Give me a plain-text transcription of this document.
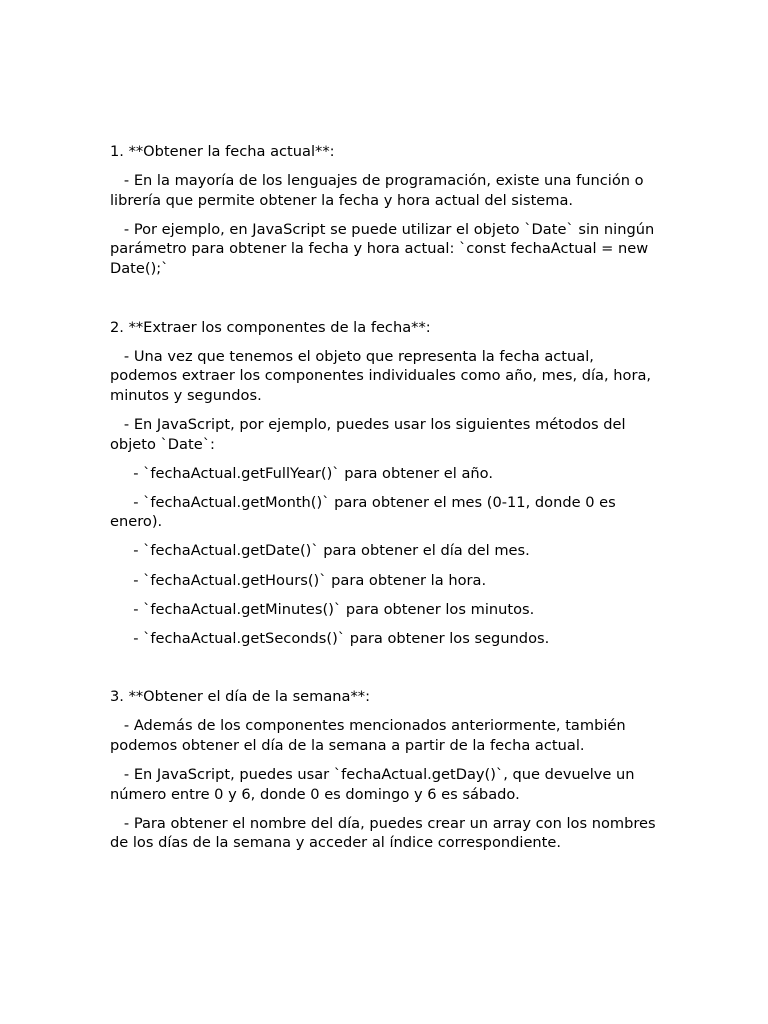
1. **Obtener la fecha actual**:
- En la mayoría de los lenguajes de programación, existe una función o librería que permite obtener la fecha y hora actual del sistema.
- Por ejemplo, en JavaScript se puede utilizar el objeto `Date` sin ningún parámetro para obtener la fecha y hora actual: `const fechaActual = new Date();`
2. **Extraer los componentes de la fecha**:
- Una vez que tenemos el objeto que representa la fecha actual, podemos extraer los componentes individuales como año, mes, día, hora, minutos y segundos.
- En JavaScript, por ejemplo, puedes usar los siguientes métodos del objeto `Date`:
- `fechaActual.getFullYear()` para obtener el año.
- `fechaActual.getMonth()` para obtener el mes (0-11, donde 0 es enero).
- `fechaActual.getDate()` para obtener el día del mes.
- `fechaActual.getHours()` para obtener la hora.
- `fechaActual.getMinutes()` para obtener los minutos.
- `fechaActual.getSeconds()` para obtener los segundos.
3. **Obtener el día de la semana**:
- Además de los componentes mencionados anteriormente, también podemos obtener el día de la semana a partir de la fecha actual.
- En JavaScript, puedes usar `fechaActual.getDay()`, que devuelve un número entre 0 y 6, donde 0 es domingo y 6 es sábado.
- Para obtener el nombre del día, puedes crear un array con los nombres de los días de la semana y acceder al índice correspondiente.
